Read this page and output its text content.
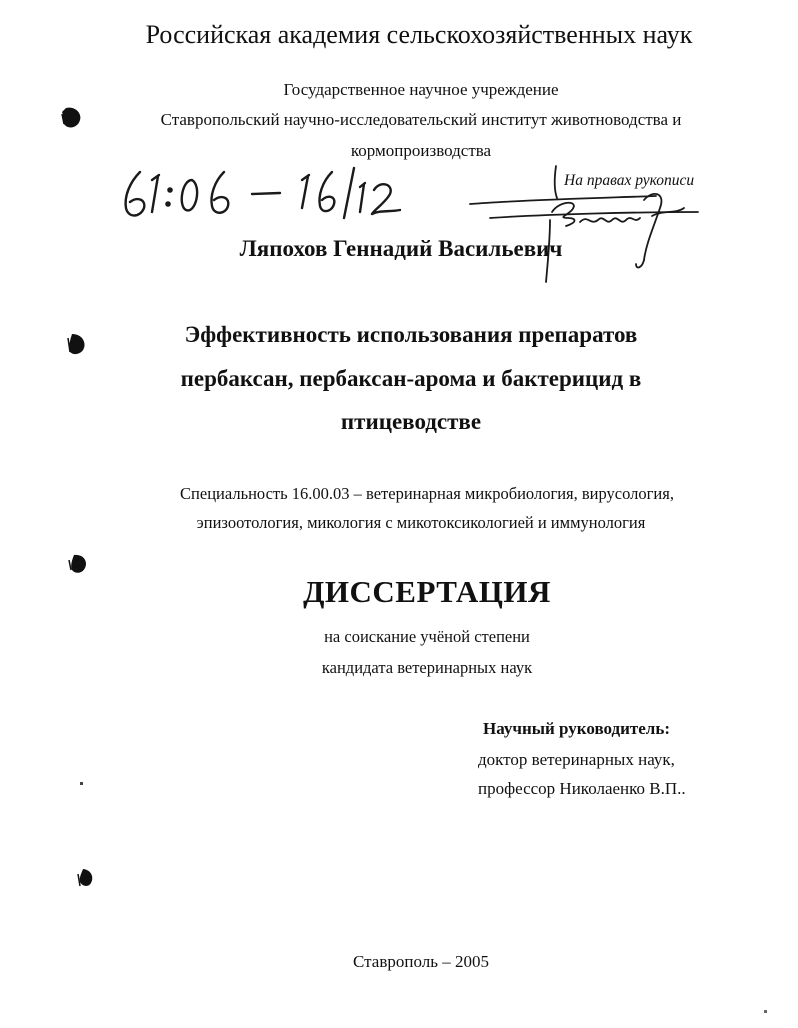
Российская академия сельскохозяйственных наук

Государственное научное учреждение

Ставропольский научно-исследовательский институт животноводства и

кормопроизводства

На правах рукописи

Ляпохов Геннадий Васильевич

Эффективность использования препаратов

пербаксан, пербаксан-арома и бактерицид в

птицеводстве

Специальность 16.00.03 – ветеринарная микробиология, вирусология,

эпизоотология, микология с микотоксикологией и иммунология

ДИССЕРТАЦИЯ

на соискание учёной степени

кандидата ветеринарных наук

Научный руководитель:

доктор ветеринарных наук,

профессор Николаенко В.П..

Ставрополь – 2005
